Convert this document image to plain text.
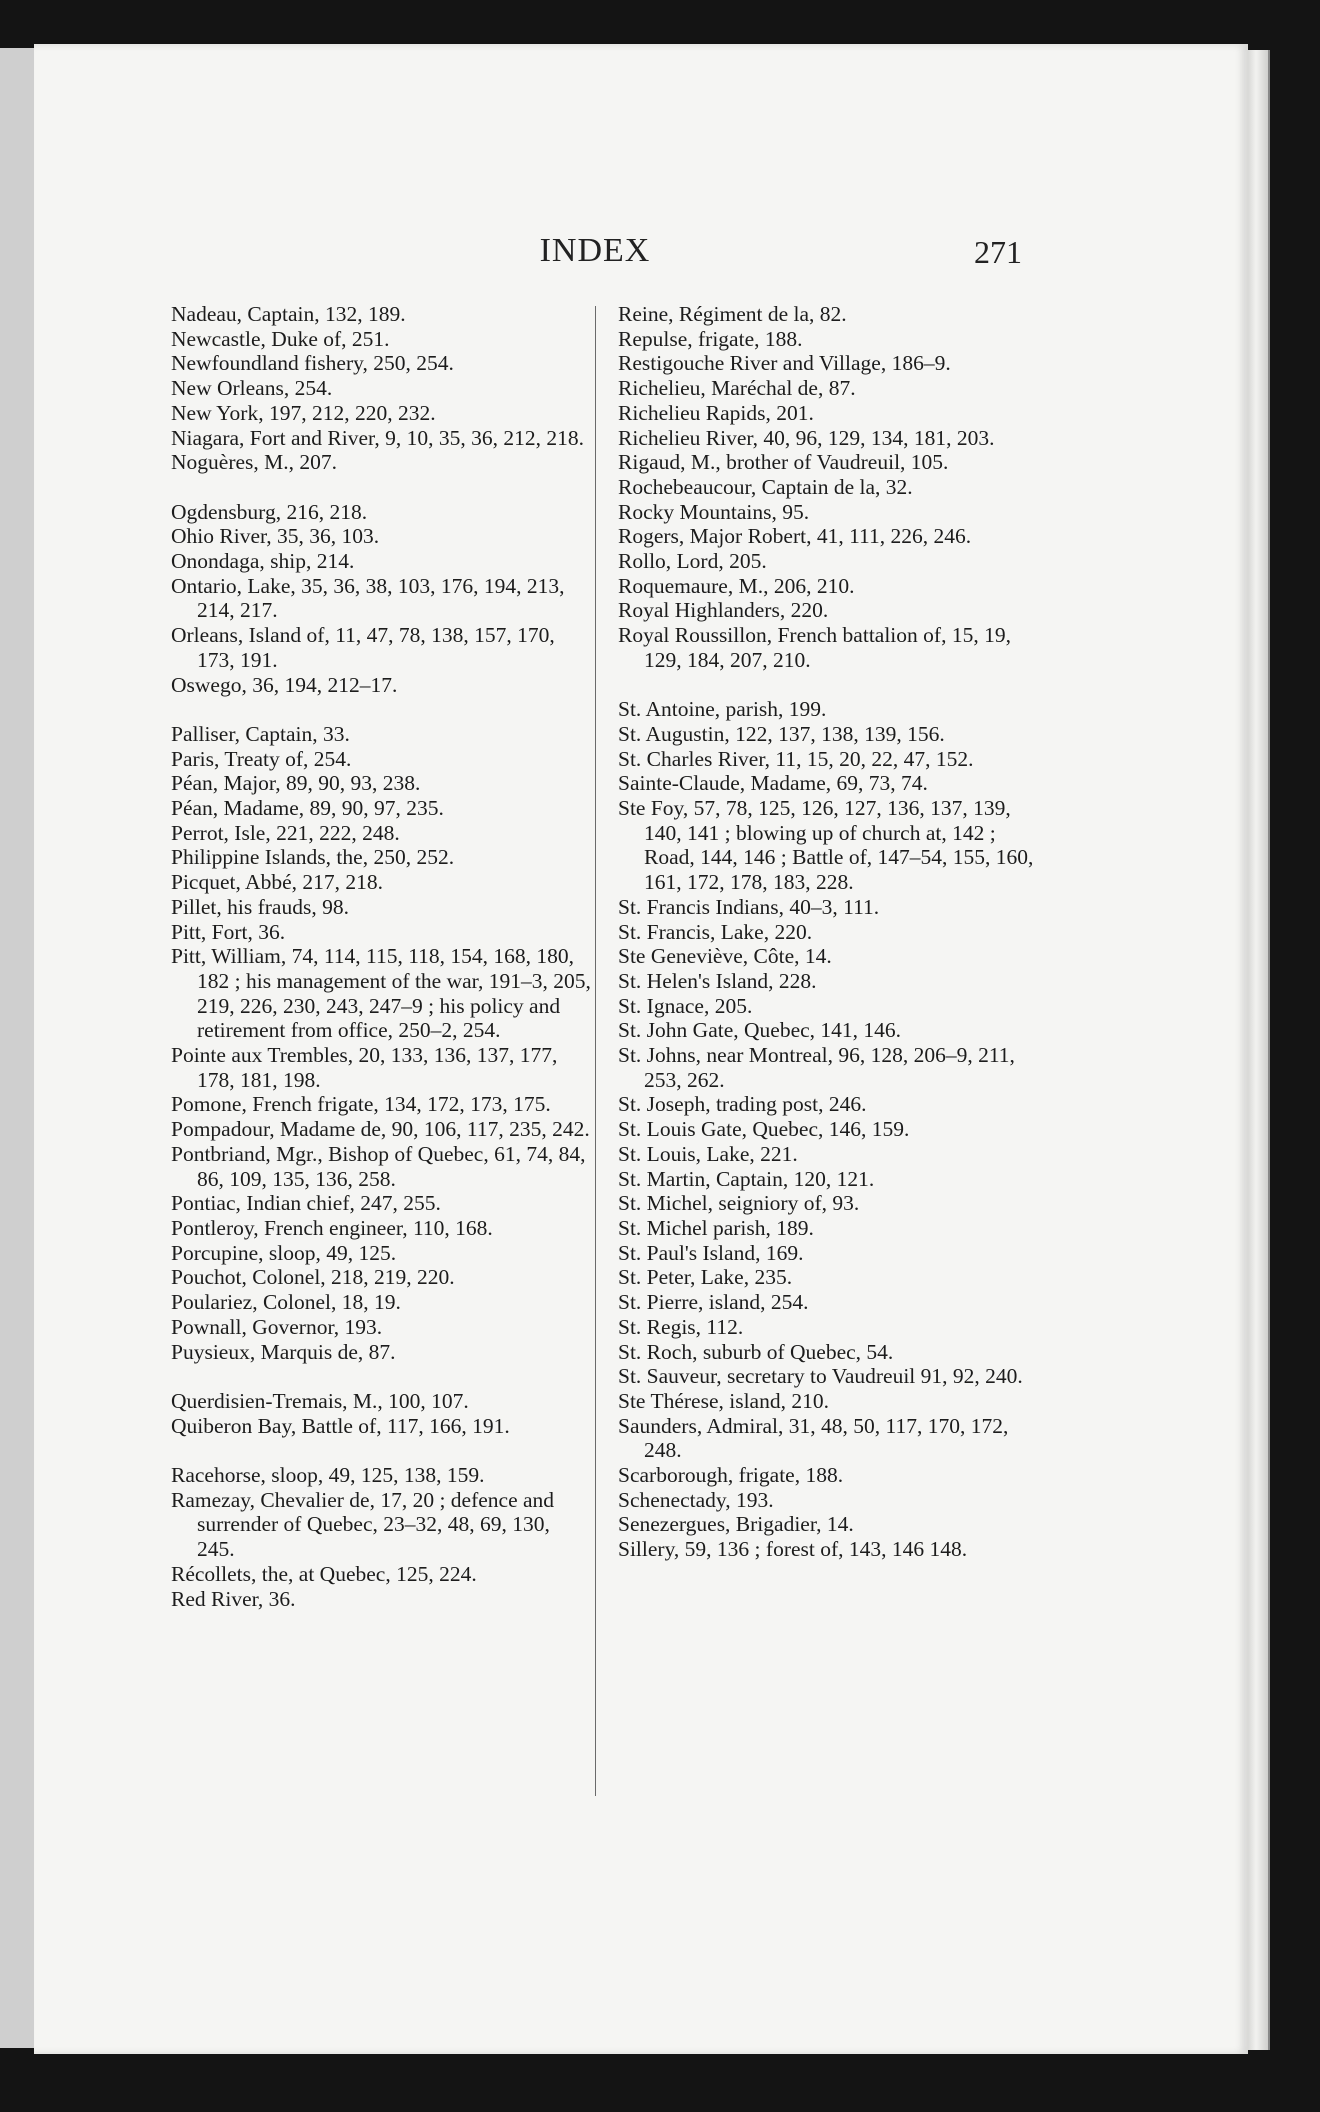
INDEX	271

Nadeau, Captain, 132, 189.

Newcastle, Duke of, 251.

Newfoundland fishery, 250, 254.

New Orleans, 254.

New York, 197, 212, 220, 232.

Niagara, Fort and River, 9, 10, 35, 36, 212, 218.

Noguères, M., 207.

Ogdensburg, 216, 218.

Ohio River, 35, 36, 103.

Onondaga, ship, 214.

Ontario, Lake, 35, 36, 38, 103, 176, 194, 213, 214, 217.

Orleans, Island of, 11, 47, 78, 138, 157, 170, 173, 191.

Oswego, 36, 194, 212–17.

Palliser, Captain, 33.

Paris, Treaty of, 254.

Péan, Major, 89, 90, 93, 238.

Péan, Madame, 89, 90, 97, 235.

Perrot, Isle, 221, 222, 248.

Philippine Islands, the, 250, 252.

Picquet, Abbé, 217, 218.

Pillet, his frauds, 98.

Pitt, Fort, 36.

Pitt, William, 74, 114, 115, 118, 154, 168, 180, 182 ; his management of the war, 191–3, 205, 219, 226, 230, 243, 247–9 ; his policy and retirement from office, 250–2, 254.

Pointe aux Trembles, 20, 133, 136, 137, 177, 178, 181, 198.

Pomone, French frigate, 134, 172, 173, 175.

Pompadour, Madame de, 90, 106, 117, 235, 242.

Pontbriand, Mgr., Bishop of Quebec, 61, 74, 84, 86, 109, 135, 136, 258.

Pontiac, Indian chief, 247, 255.

Pontleroy, French engineer, 110, 168.

Porcupine, sloop, 49, 125.

Pouchot, Colonel, 218, 219, 220.

Poulariez, Colonel, 18, 19.

Pownall, Governor, 193.

Puysieux, Marquis de, 87.

Querdisien-Tremais, M., 100, 107.

Quiberon Bay, Battle of, 117, 166, 191.

Racehorse, sloop, 49, 125, 138, 159.

Ramezay, Chevalier de, 17, 20 ; defence and surrender of Quebec, 23–32, 48, 69, 130, 245.

Récollets, the, at Quebec, 125, 224.

Red River, 36.

Reine, Régiment de la, 82.

Repulse, frigate, 188.

Restigouche River and Village, 186–9.

Richelieu, Maréchal de, 87.

Richelieu Rapids, 201.

Richelieu River, 40, 96, 129, 134, 181, 203.

Rigaud, M., brother of Vaudreuil, 105.

Rochebeaucour, Captain de la, 32.

Rocky Mountains, 95.

Rogers, Major Robert, 41, 111, 226, 246.

Rollo, Lord, 205.

Roquemaure, M., 206, 210.

Royal Highlanders, 220.

Royal Roussillon, French battalion of, 15, 19, 129, 184, 207, 210.

St. Antoine, parish, 199.

St. Augustin, 122, 137, 138, 139, 156.

St. Charles River, 11, 15, 20, 22, 47, 152.

Sainte-Claude, Madame, 69, 73, 74.

Ste Foy, 57, 78, 125, 126, 127, 136, 137, 139, 140, 141 ; blowing up of church at, 142 ; Road, 144, 146 ; Battle of, 147–54, 155, 160, 161, 172, 178, 183, 228.

St. Francis Indians, 40–3, 111.

St. Francis, Lake, 220.

Ste Geneviève, Côte, 14.

St. Helen's Island, 228.

St. Ignace, 205.

St. John Gate, Quebec, 141, 146.

St. Johns, near Montreal, 96, 128, 206–9, 211, 253, 262.

St. Joseph, trading post, 246.

St. Louis Gate, Quebec, 146, 159.

St. Louis, Lake, 221.

St. Martin, Captain, 120, 121.

St. Michel, seigniory of, 93.

St. Michel parish, 189.

St. Paul's Island, 169.

St. Peter, Lake, 235.

St. Pierre, island, 254.

St. Regis, 112.

St. Roch, suburb of Quebec, 54.

St. Sauveur, secretary to Vaudreuil 91, 92, 240.

Ste Thérese, island, 210.

Saunders, Admiral, 31, 48, 50, 117, 170, 172, 248.

Scarborough, frigate, 188.

Schenectady, 193.

Senezergues, Brigadier, 14.

Sillery, 59, 136 ; forest of, 143, 146 148.
